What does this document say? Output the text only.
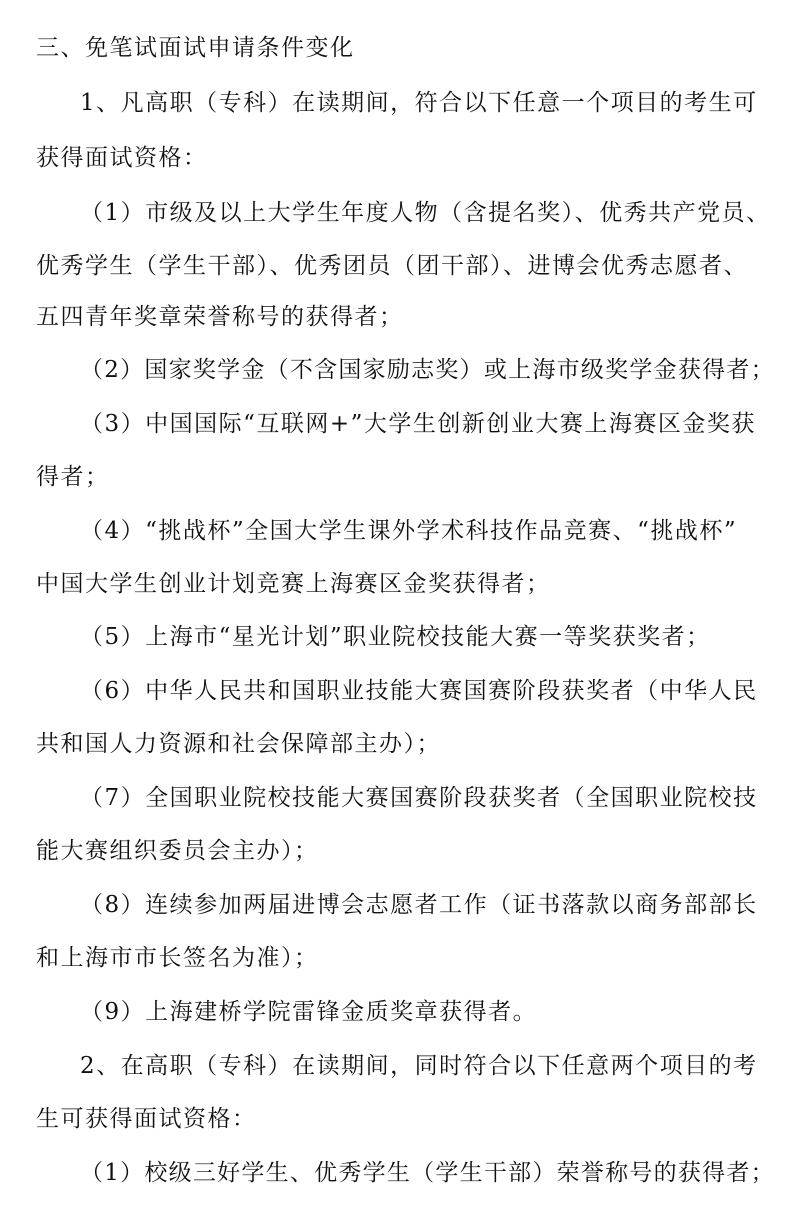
三、免笔试面试申请条件变化
1、凡高职（专科）在读期间，符合以下任意一个项目的考生可
获得面试资格：
（1）市级及以上大学生年度人物（含提名奖）、优秀共产党员、
优秀学生（学生干部）、优秀团员（团干部）、进博会优秀志愿者、
五四青年奖章荣誉称号的获得者；
（2）国家奖学金（不含国家励志奖）或上海市级奖学金获得者；
（3）中国国际“互联网+”大学生创新创业大赛上海赛区金奖获
得者；
（4）“挑战杯”全国大学生课外学术科技作品竞赛、“挑战杯”
中国大学生创业计划竞赛上海赛区金奖获得者；
（5）上海市“星光计划”职业院校技能大赛一等奖获奖者；
（6）中华人民共和国职业技能大赛国赛阶段获奖者（中华人民
共和国人力资源和社会保障部主办）；
（7）全国职业院校技能大赛国赛阶段获奖者（全国职业院校技
能大赛组织委员会主办）；
（8）连续参加两届进博会志愿者工作（证书落款以商务部部长
和上海市市长签名为准）；
（9）上海建桥学院雷锋金质奖章获得者。
2、在高职（专科）在读期间，同时符合以下任意两个项目的考
生可获得面试资格：
（1）校级三好学生、优秀学生（学生干部）荣誉称号的获得者；
